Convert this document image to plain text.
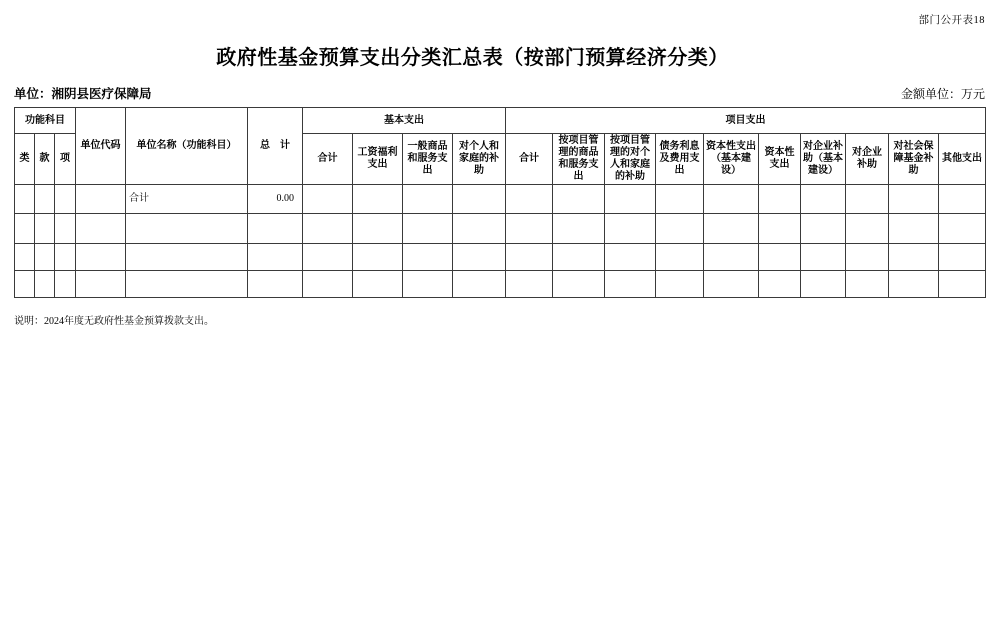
部门公开表18
政府性基金预算支出分类汇总表（按部门预算经济分类）
单位：湘阴县医疗保障局	金额单位：万元
功能科目			单位代码	单位名称（功能科目）	总　计	基本支出				项目支出									
类	款	项				合计	工资福利支出	一般商品和服务支出	对个人和家庭的补助	合计	按项目管理的商品和服务支出	按项目管理的对个人和家庭的补助	债务利息及费用支出	资本性支出（基本建设）	资本性支出	对企业补助（基本建设）	对企业补助	对社会保障基金补助	其他支出
				合计	0.00														

说明：2024年度无政府性基金预算拨款支出。
